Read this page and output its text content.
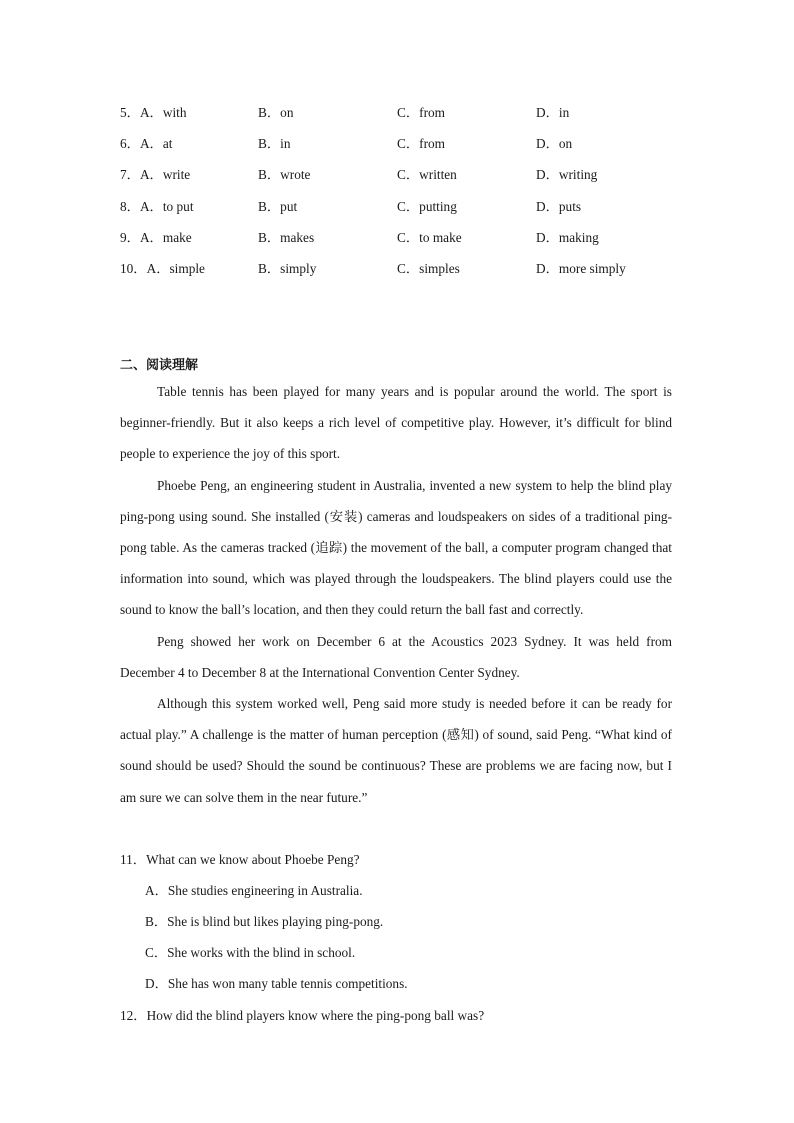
5．A．with	B．on	C．from	D．in
6．A．at	B．in	C．from	D．on
7．A．write	B．wrote	C．written	D．writing
8．A．to put	B．put	C．putting	D．puts
9．A．make	B．makes	C．to make	D．making
10．A．simple	B．simply	C．simples	D．more simply
二、阅读理解

Table tennis has been played for many years and is popular around the world. The sport is beginner-friendly. But it also keeps a rich level of competitive play. However, it’s difficult for blind people to experience the joy of this sport.

Phoebe Peng, an engineering student in Australia, invented a new system to help the blind play ping-pong using sound. She installed (安装) cameras and loudspeakers on sides of a traditional ping-pong table. As the cameras tracked (追踪) the movement of the ball, a computer program changed that information into sound, which was played through the loudspeakers. The blind players could use the sound to know the ball’s location, and then they could return the ball fast and correctly.

Peng showed her work on December 6 at the Acoustics 2023 Sydney. It was held from December 4 to December 8 at the International Convention Center Sydney.

Although this system worked well, Peng said more study is needed before it can be ready for actual play.” A challenge is the matter of human perception (感知) of sound, said Peng. “What kind of sound should be used? Should the sound be continuous? These are problems we are facing now, but I am sure we can solve them in the near future.”

11．What can we know about Phoebe Peng?

A．She studies engineering in Australia.

B．She is blind but likes playing ping-pong.

C．She works with the blind in school.

D．She has won many table tennis competitions.

12．How did the blind players know where the ping-pong ball was?
